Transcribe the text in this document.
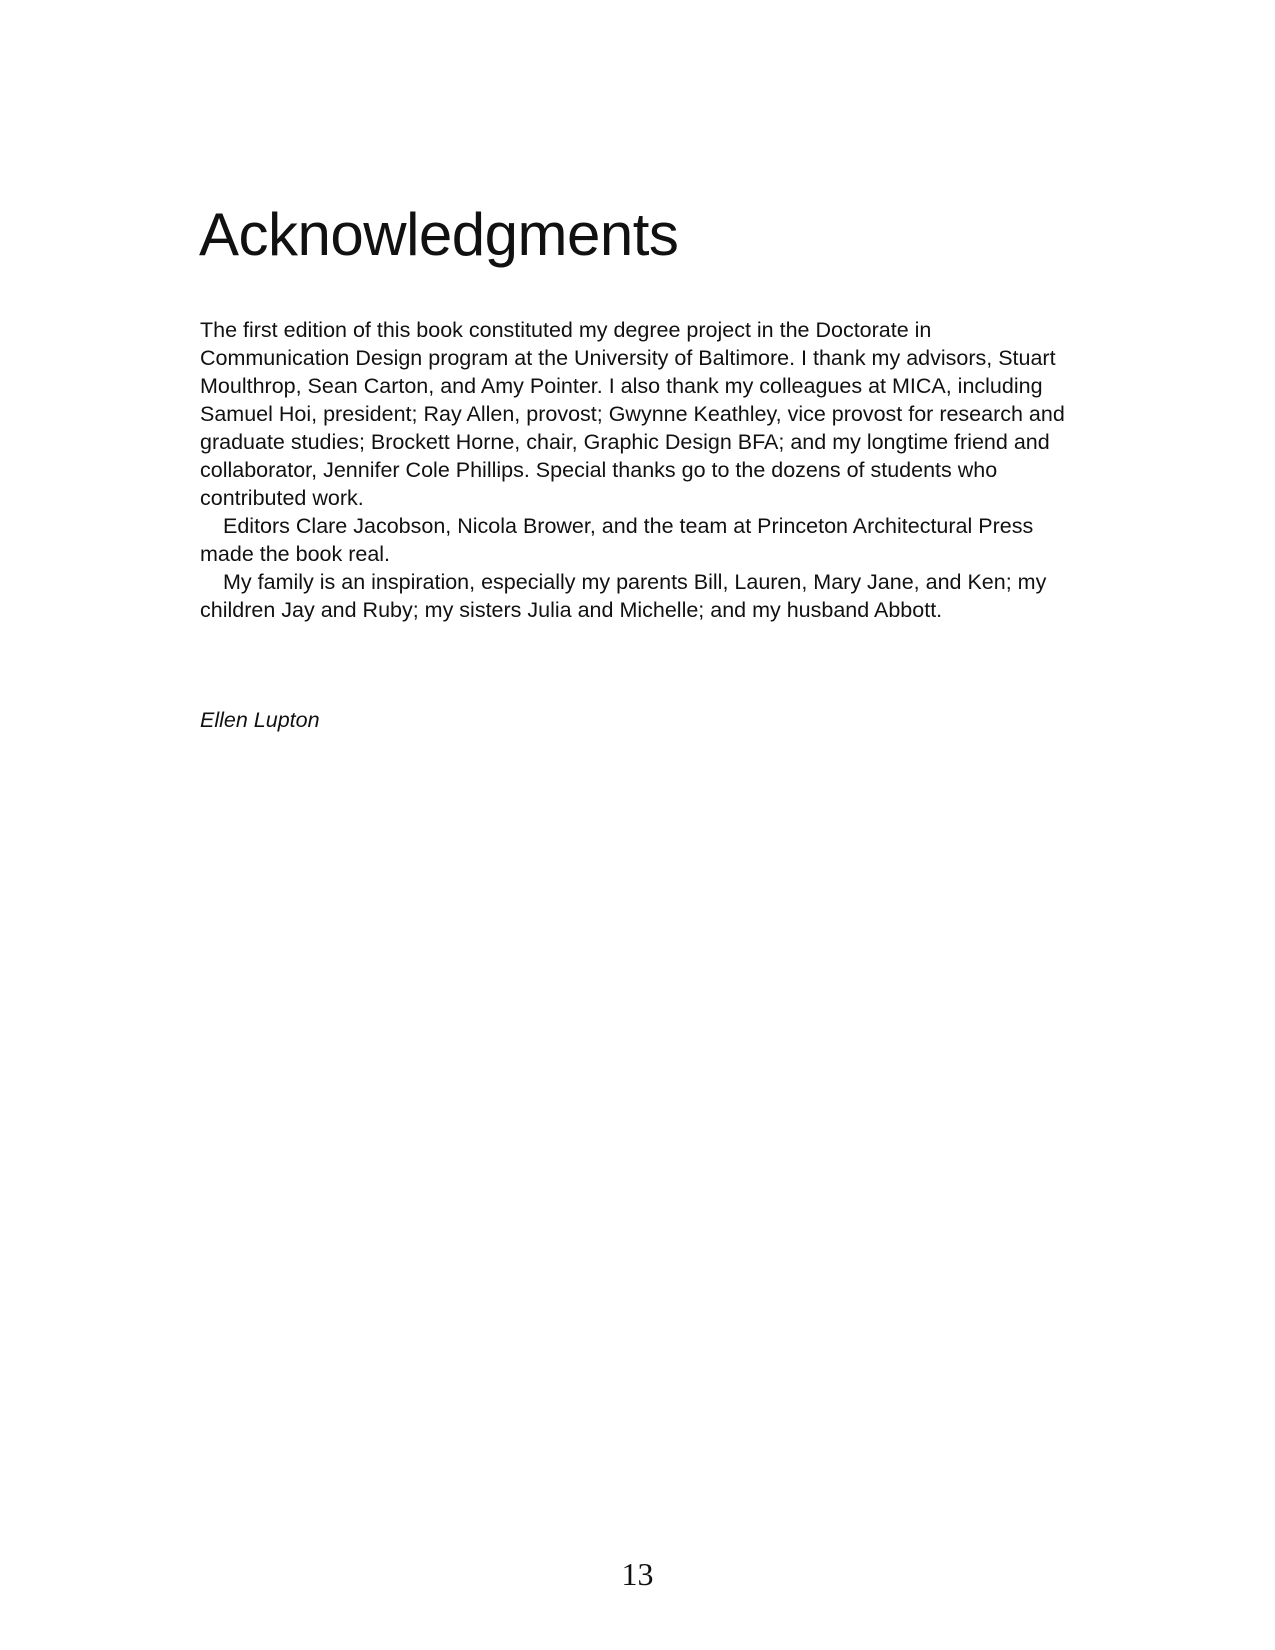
Acknowledgments

The first edition of this book constituted my degree project in the Doctorate in Communication Design program at the University of Baltimore. I thank my advisors, Stuart Moulthrop, Sean Carton, and Amy Pointer. I also thank my colleagues at MICA, including Samuel Hoi, president; Ray Allen, provost; Gwynne Keathley, vice provost for research and graduate studies; Brockett Horne, chair, Graphic Design BFA; and my longtime friend and collaborator, Jennifer Cole Phillips. Special thanks go to the dozens of students who contributed work.

Editors Clare Jacobson, Nicola Brower, and the team at Princeton Architectural Press made the book real.

My family is an inspiration, especially my parents Bill, Lauren, Mary Jane, and Ken; my children Jay and Ruby; my sisters Julia and Michelle; and my husband Abbott.

Ellen Lupton

13
